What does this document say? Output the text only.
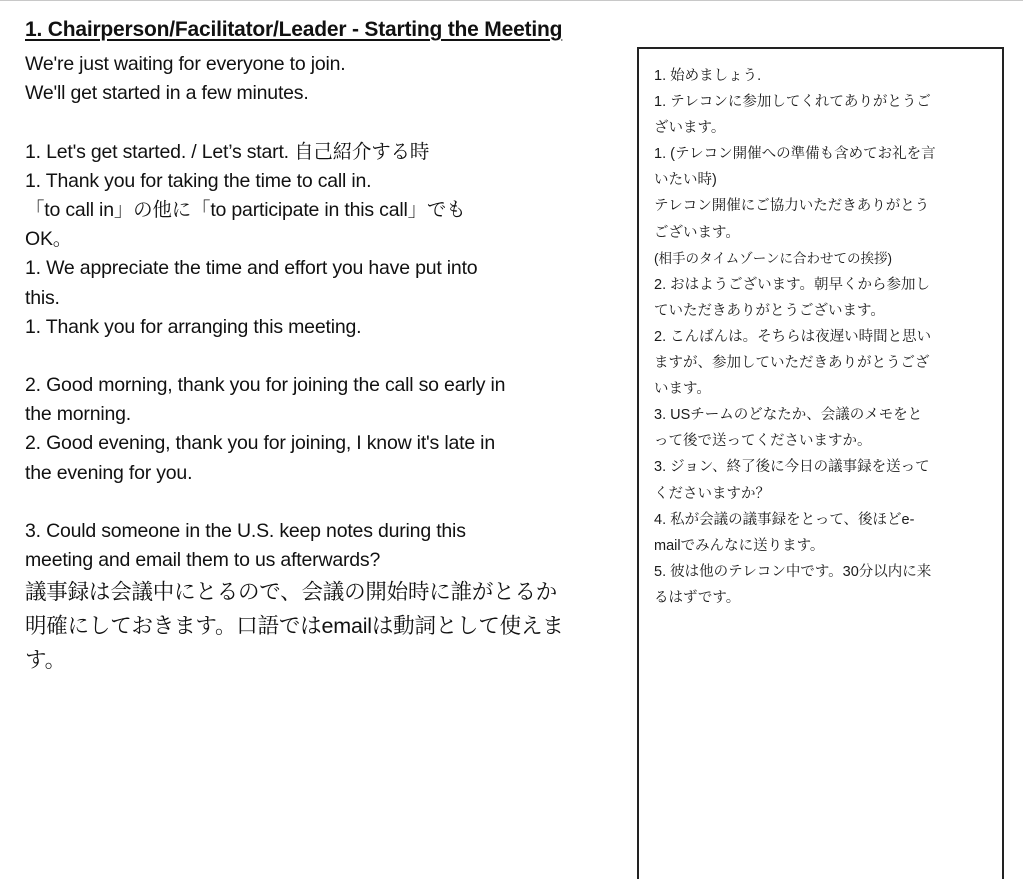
1. Chairperson/Facilitator/Leader - Starting the Meeting
We're just waiting for everyone to join.
We'll get started in a few minutes.
1. Let's get started. / Let’s start. 自己紹介する時
1. Thank you for taking the time to call in.
「to call in」の他に「to participate in this call」でも
OK。
1. We appreciate the time and effort you have put into
this.
1. Thank you for arranging this meeting.
2. Good morning, thank you for joining the call so early in
the morning.
2. Good evening, thank you for joining, I know it's late in
the evening for you.
3. Could someone in the U.S. keep notes during this
meeting and email them to us afterwards?
議事録は会議中にとるので、会議の開始時に誰がとるか
明確にしておきます。口語ではemailは動詞として使えま
す。
1. 始めましょう.
1. テレコンに参加してくれてありがとうご
ざいます。
1. (テレコン開催への準備も含めてお礼を言
いたい時)
テレコン開催にご協力いただきありがとう
ございます。
(相手のタイムゾーンに合わせての挨拶)
2. おはようございます。朝早くから参加し
ていただきありがとうございます。
2. こんばんは。そちらは夜遅い時間と思い
ますが、参加していただきありがとうござ
います。
3. USチームのどなたか、会議のメモをと
って後で送ってくださいますか。
3. ジョン、終了後に今日の議事録を送って
くださいますか？
4. 私が会議の議事録をとって、後ほどe-
mailでみんなに送ります。
5. 彼は他のテレコン中です。30分以内に来
るはずです。
